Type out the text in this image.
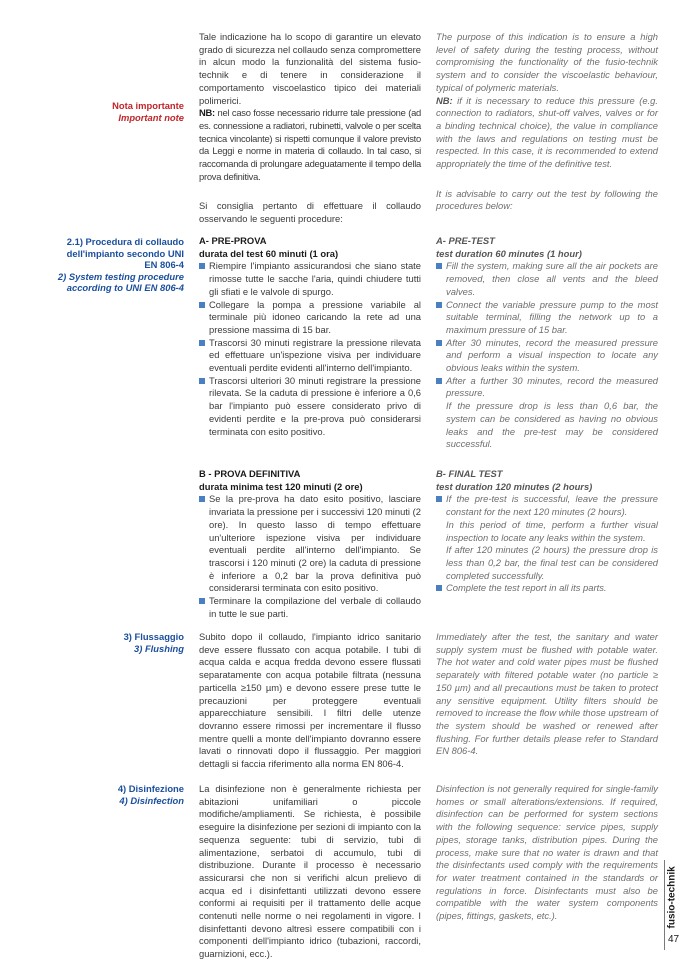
Nota importante

Important note

2.1) Procedura di collaudo dell'impianto secondo UNI EN 806-4

2) System testing procedure according to UNI EN 806-4

3) Flussaggio

3) Flushing

4) Disinfezione

4) Disinfection

Tale indicazione ha lo scopo di garantire un elevato grado di sicurezza nel collaudo senza compromettere in alcun modo la funzionalità del sistema fusio-technik e di tenere in considerazione il comportamento viscoelastico tipico dei materiali polimerici.

NB: nel caso fosse necessario ridurre tale pressione (ad es. connessione a radiatori, rubinetti, valvole o per scelta tecnica vincolante) si rispetti comunque il valore previsto da Leggi e norme in materia di collaudo. In tal caso, si raccomanda di prolungare adeguatamente il tempo della prova definitiva.

Si consiglia pertanto di effettuare il collaudo osservando le seguenti procedure:

A- PRE-PROVA

durata del test 60 minuti (1 ora)

Riempire l'impianto assicurandosi che siano state rimosse tutte le sacche l'aria, quindi chiudere tutti gli sfiati e le valvole di spurgo.
Collegare la pompa a pressione variabile al terminale più idoneo caricando la rete ad una pressione massima di 15 bar.
Trascorsi 30 minuti registrare la pressione rilevata ed effettuare un'ispezione visiva per individuare eventuali perdite evidenti all'interno dell'impianto.
Trascorsi ulteriori 30 minuti registrare la pressione rilevata. Se la caduta di pressione è inferiore a 0,6 bar l'impianto può essere considerato privo di evidenti perdite e la pre-prova può considerarsi terminata con esito positivo.

B - PROVA DEFINITIVA

durata minima test 120 minuti (2 ore)

Se la pre-prova ha dato esito positivo, lasciare invariata la pressione per i successivi 120 minuti (2 ore). In questo lasso di tempo effettuare un'ulteriore ispezione visiva per individuare eventuali perdite all'interno dell'impianto. Se trascorsi i 120 minuti (2 ore) la caduta di pressione è inferiore a 0,2 bar la prova definitiva può considerarsi terminata con esito positivo.
Terminare la compilazione del verbale di collaudo in tutte le sue parti.

Subito dopo il collaudo, l'impianto idrico sanitario deve essere flussato con acqua potabile. I tubi di acqua calda e acqua fredda devono essere flussati separatamente con acqua potabile filtrata (nessuna particella ≥150 µm) e devono essere prese tutte le precauzioni per proteggere eventuali apparecchiature sensibili. I filtri delle utenze dovranno essere rimossi per incrementare il flusso mentre quelli a monte dell'impianto dovranno essere lavati o rinnovati dopo il flussaggio. Per maggiori dettagli si faccia riferimento alla norma EN 806-4.

La disinfezione non è generalmente richiesta per abitazioni unifamiliari o piccole modifiche/ampliamenti. Se richiesta, è possibile eseguire la disinfezione per sezioni di impianto con la sequenza seguente: tubi di servizio, tubi di alimentazione, serbatoi di accumulo, tubi di distribuzione. Durante il processo è necessario assicurarsi che non si verifichi alcun prelievo di acqua ed i disinfettanti utilizzati devono essere conformi ai requisiti per il trattamento delle acque contenuti nelle norme o nei regolamenti in vigore. I disinfettanti devono altresì essere compatibili con i componenti dell'impianto idrico (tubazioni, raccordi, guarnizioni, ecc.).

The purpose of this indication is to ensure a high level of safety during the testing process, without compromising the functionality of the fusio-technik system and to consider the viscoelastic behaviour, typical of polymeric materials.

NB: if it is necessary to reduce this pressure (e.g. connection to radiators, shut-off valves, valves or for a binding technical choice), the value in compliance with the laws and regulations on testing must be respected. In this case, it is recommended to extend appropriately the time of the definitive test.

It is advisable to carry out the test by following the procedures below:

A- PRE-TEST

test duration 60 minutes (1 hour)

Fill the system, making sure all the air pockets are removed, then close all vents and the bleed valves.
Connect the variable pressure pump to the most suitable terminal, filling the network up to a maximum pressure of 15 bar.
After 30 minutes, record the measured pressure and perform a visual inspection to locate any obvious leaks within the system.
After a further 30 minutes, record the measured pressure.

If the pressure drop is less than 0,6 bar, the system can be considered as having no obvious leaks and the pre-test may be considered successful.

B- FINAL TEST

test duration 120 minutes (2 hours)

If the pre-test is successful, leave the pressure constant for the next 120 minutes (2 hours).

In this period of time, perform a further visual inspection to locate any leaks within the system.

If after 120 minutes (2 hours) the pressure drop is less than 0,2 bar, the final test can be considered completed successfully.

Complete the test report in all its parts.

Immediately after the test, the sanitary and water supply system must be flushed with potable water. The hot water and cold water pipes must be flushed separately with filtered potable water (no particle ≥ 150 µm) and all precautions must be taken to protect any sensitive equipment. Utility filters should be removed to increase the flow while those upstream of the system should be washed or renewed after flushing. For further details please refer to Standard EN 806-4.

Disinfection is not generally required for single-family homes or small alterations/extensions. If required, disinfection can be performed for system sections with the following sequence: service pipes, supply pipes, storage tanks, distribution pipes. During the process, make sure that no water is drawn and that the disinfectants used comply with the requirements for water treatment contained in the standards or regulations in force. Disinfectants must also be compatible with the water system components (pipes, fittings, gaskets, etc.).	fusio-technik
47
